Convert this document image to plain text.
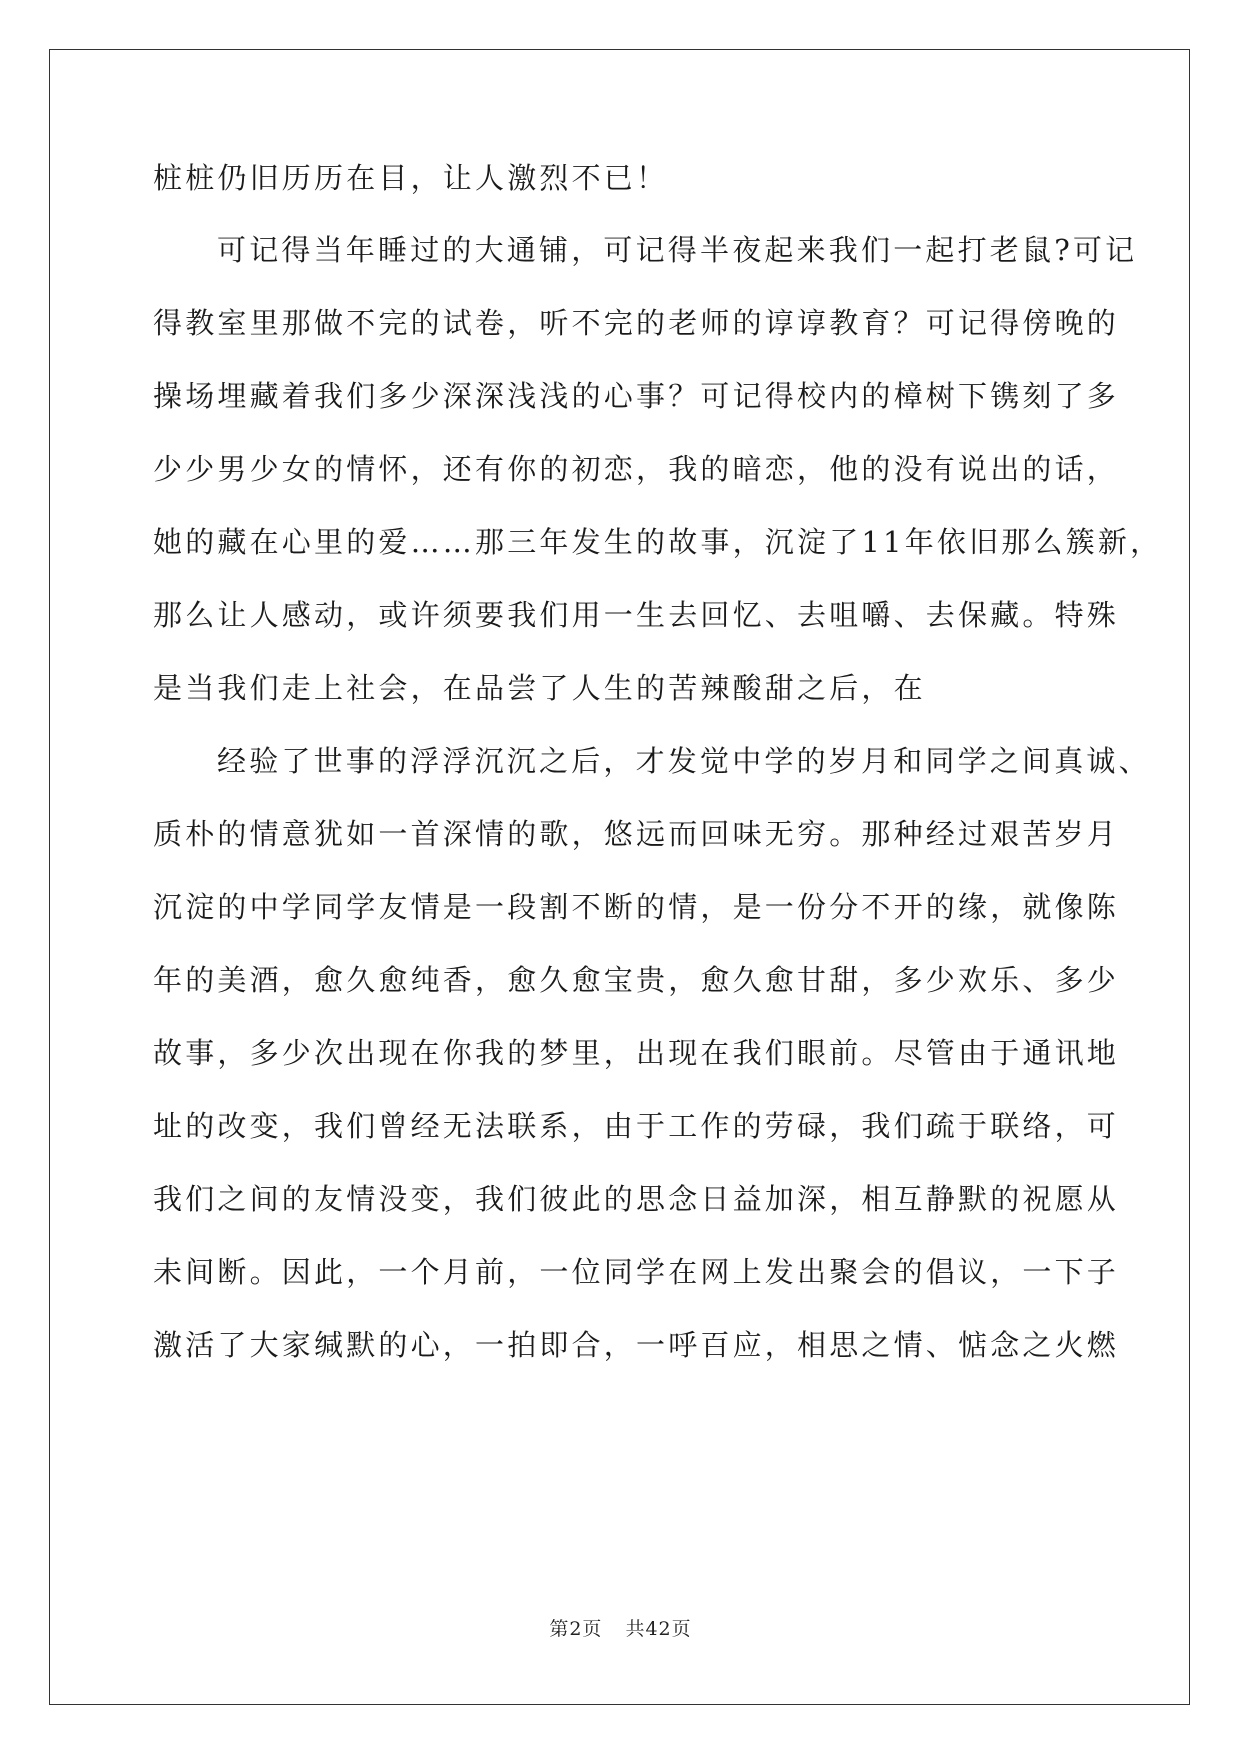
桩桩仍旧历历在目，让人激烈不已！
可记得当年睡过的大通铺，可记得半夜起来我们一起打老鼠?可记
得教室里那做不完的试卷，听不完的老师的谆谆教育？可记得傍晚的
操场埋藏着我们多少深深浅浅的心事？可记得校内的樟树下镌刻了多
少少男少女的情怀，还有你的初恋，我的暗恋，他的没有说出的话，
她的藏在心里的爱……那三年发生的故事，沉淀了11年依旧那么簇新，
那么让人感动，或许须要我们用一生去回忆、去咀嚼、去保藏。特殊
是当我们走上社会，在品尝了人生的苦辣酸甜之后，在
经验了世事的浮浮沉沉之后，才发觉中学的岁月和同学之间真诚、
质朴的情意犹如一首深情的歌，悠远而回味无穷。那种经过艰苦岁月
沉淀的中学同学友情是一段割不断的情，是一份分不开的缘，就像陈
年的美酒，愈久愈纯香，愈久愈宝贵，愈久愈甘甜，多少欢乐、多少
故事，多少次出现在你我的梦里，出现在我们眼前。尽管由于通讯地
址的改变，我们曾经无法联系，由于工作的劳碌，我们疏于联络，可
我们之间的友情没变，我们彼此的思念日益加深，相互静默的祝愿从
未间断。因此，一个月前，一位同学在网上发出聚会的倡议，一下子
激活了大家缄默的心，一拍即合，一呼百应，相思之情、惦念之火燃
第2页 共42页
